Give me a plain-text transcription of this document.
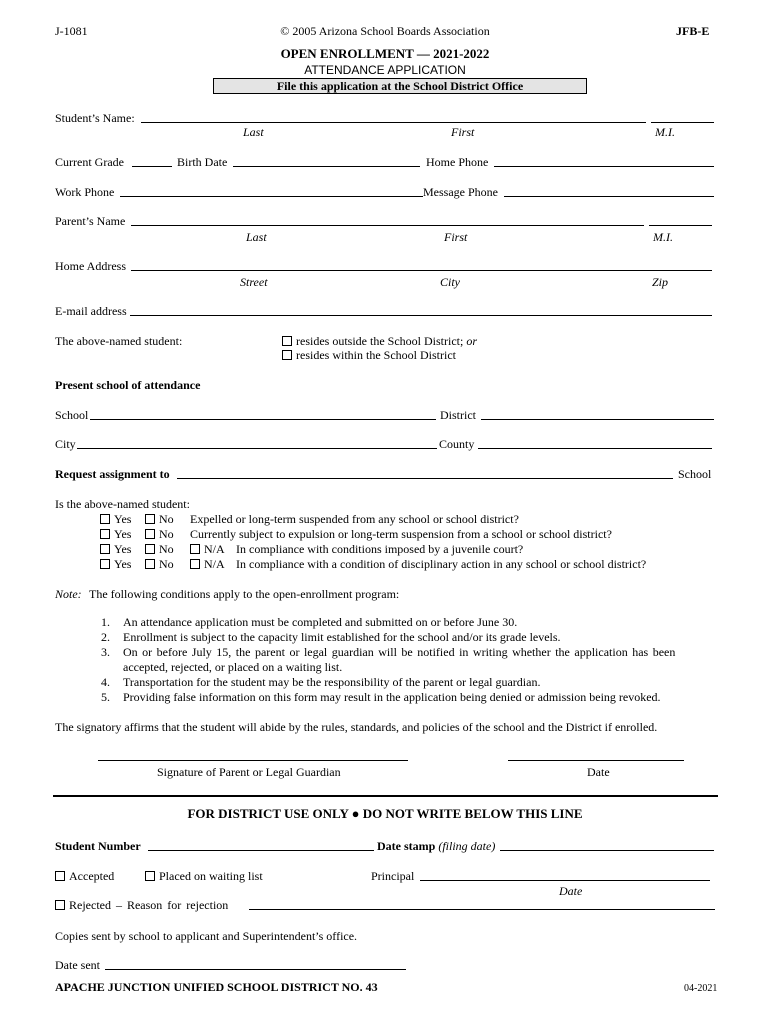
J-1081	© 2005 Arizona School Boards Association	JFB-E
OPEN ENROLLMENT — 2021-2022
ATTENDANCE APPLICATION
File this application at the School District Office
Student’s Name:
Last	First	M.I.
Current Grade	Birth Date	Home Phone
Work Phone	Message Phone
Parent’s Name
Last	First	M.I.
Home Address
Street	City	Zip
E-mail address
The above-named student:	resides outside the School District; or
resides within the School District
Present school of attendance
School	District
City	County
Request assignment to	School
Is the above-named student:
Yes	No Expelled or long-term suspended from any school or school district?
Yes	No Currently subject to expulsion or long-term suspension from a school or school district?
Yes	No	N/A In compliance with conditions imposed by a juvenile court?
Yes	No	N/A In compliance with a condition of disciplinary action in any school or school district?
Note: The following conditions apply to the open-enrollment program:
1. An attendance application must be completed and submitted on or before June 30.
2. Enrollment is subject to the capacity limit established for the school and/or its grade levels.
3. On or before July 15, the parent or legal guardian will be notified in writing whether the application has been
accepted, rejected, or placed on a waiting list.
4. Transportation for the student may be the responsibility of the parent or legal guardian.
5. Providing false information on this form may result in the application being denied or admission being revoked.
The signatory affirms that the student will abide by the rules, standards, and policies of the school and the District if enrolled.
Signature of Parent or Legal Guardian	Date
FOR DISTRICT USE ONLY ● DO NOT WRITE BELOW THIS LINE
Student Number	Date stamp (filing date)
Accepted	Placed on waiting list	Principal
Date
Rejected – Reason for rejection
Copies sent by school to applicant and Superintendent’s office.
Date sent
APACHE JUNCTION UNIFIED SCHOOL DISTRICT NO. 43	04-2021
